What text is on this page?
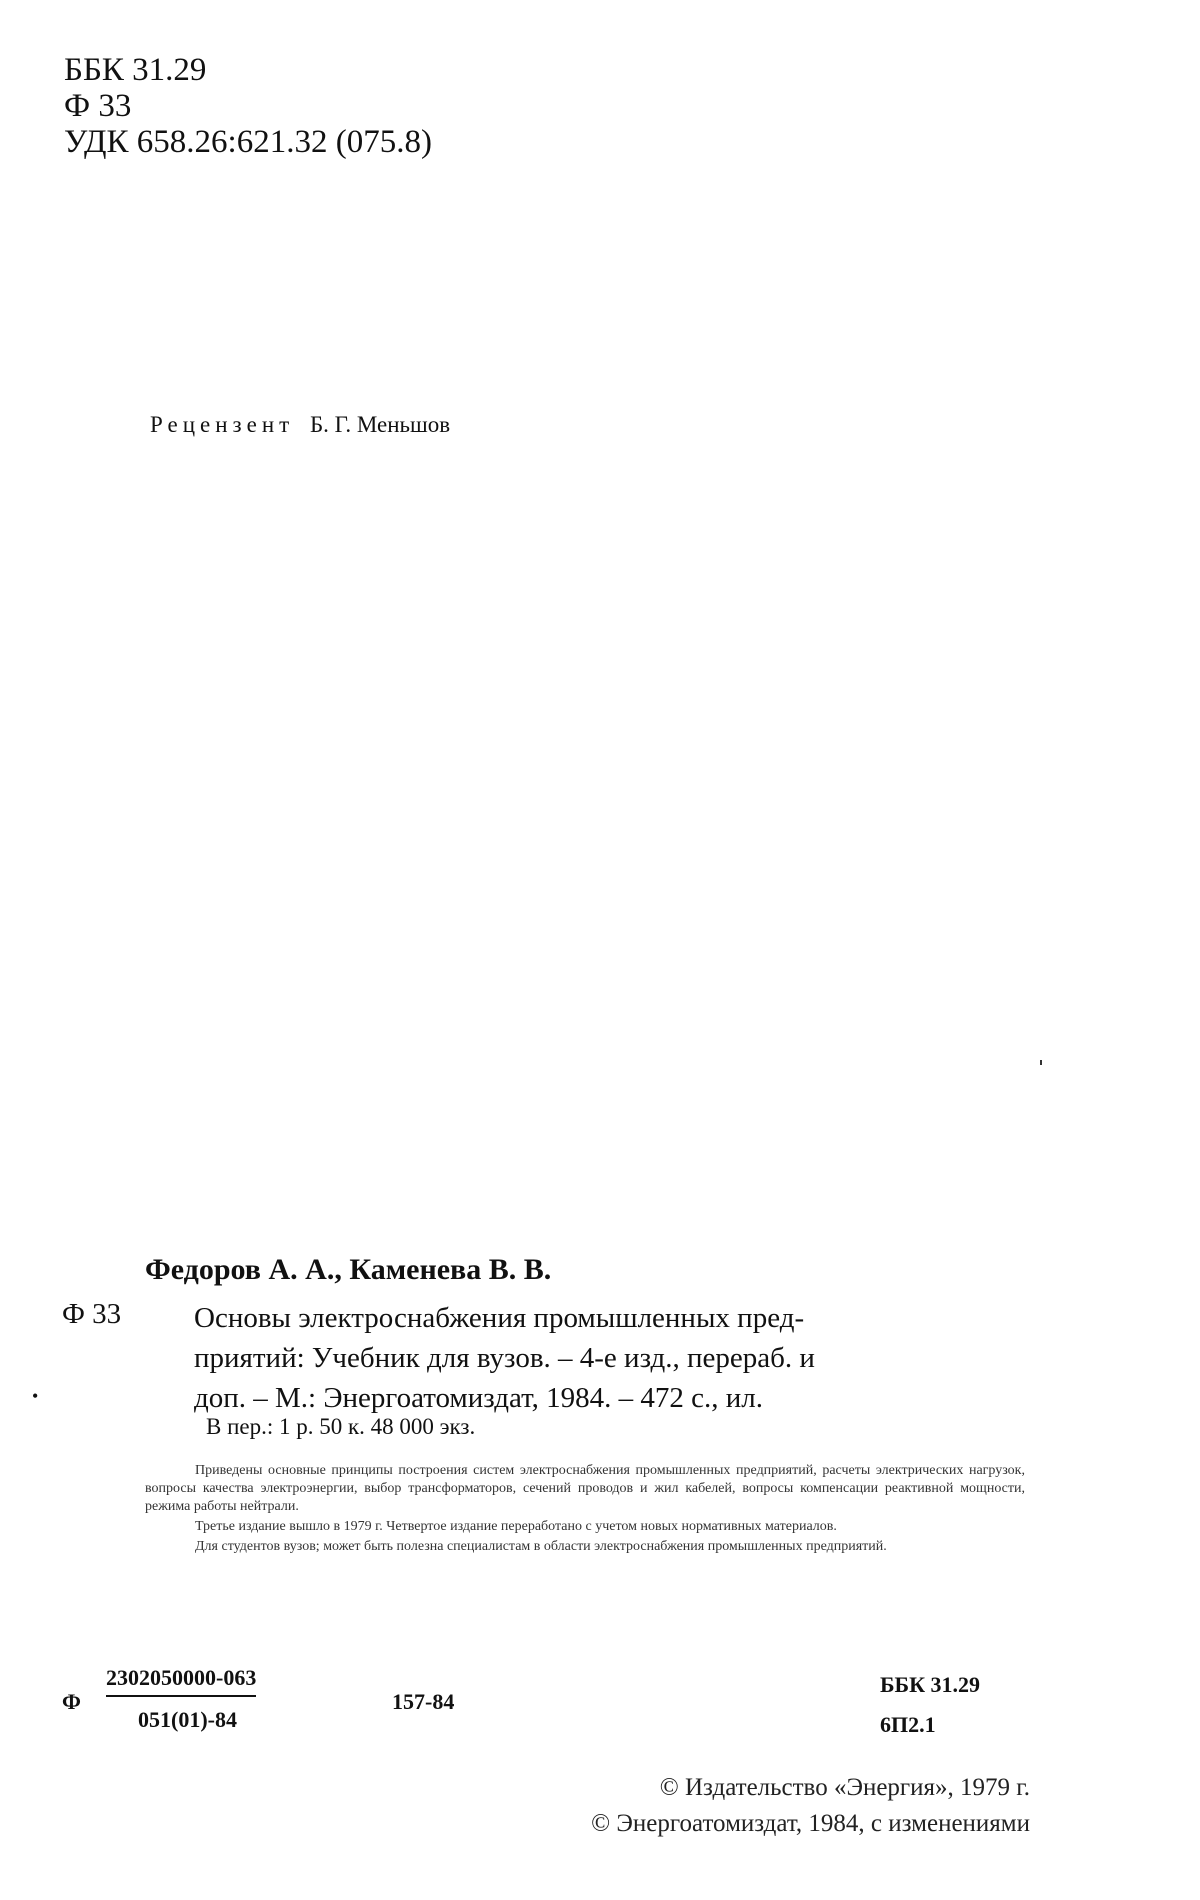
ББК 31.29
Ф 33
УДК 658.26:621.32 (075.8)
Рецензент Б. Г. Меньшов
Федоров А. А., Каменева В. В.
Ф 33
•
Основы электроснабжения промышленных пред-
приятий: Учебник для вузов. – 4-е изд., перераб. и
доп. – М.: Энергоатомиздат, 1984. – 472 с., ил.
В пер.: 1 р. 50 к. 48 000 экз.

Приведены основные принципы построения систем электроснабжения промышленных предприятий, расчеты электрических нагрузок, вопросы качества электроэнергии, выбор трансформаторов, сечений проводов и жил кабелей, вопросы компенсации реактивной мощности, режима работы нейтрали.

Третье издание вышло в 1979 г. Четвертое издание переработано с учетом новых нормативных материалов.

Для студентов вузов; может быть полезна специалистам в области электроснабжения промышленных предприятий.

Ф
2302050000-063
051(01)-84
157-84
ББК 31.29
6П2.1
© Издательство «Энергия», 1979 г.
© Энергоатомиздат, 1984, с изменениями
